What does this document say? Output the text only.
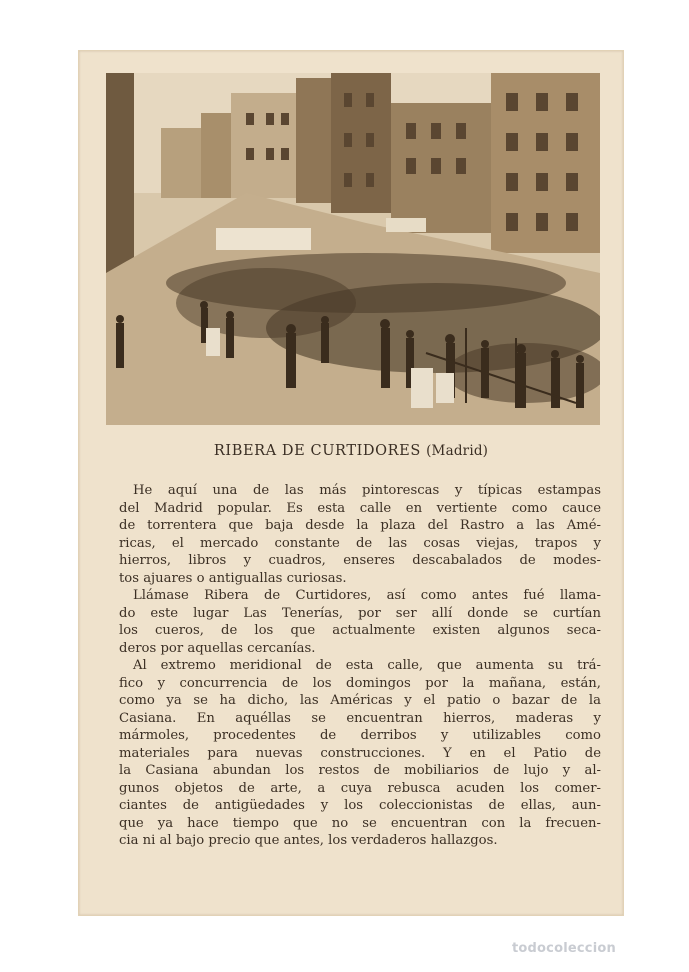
RIBERA DE CURTIDORES (Madrid)
He aquí una de las más pintorescas y típicas estampas
del Madrid popular. Es esta calle en vertiente como cauce
de torrentera que baja desde la plaza del Rastro a las Amé-
ricas, el mercado constante de las cosas viejas, trapos y
hierros, libros y cuadros, enseres descabalados de modes-
tos ajuares o antiguallas curiosas.
Llámase Ribera de Curtidores, así como antes fué llama-
do este lugar Las Tenerías, por ser allí donde se curtían
los cueros, de los que actualmente existen algunos seca-
deros por aquellas cercanías.
Al extremo meridional de esta calle, que aumenta su trá-
fico y concurrencia de los domingos por la mañana, están,
como ya se ha dicho, las Américas y el patio o bazar de la
Casiana. En aquéllas se encuentran hierros, maderas y
mármoles, procedentes de derribos y utilizables como
materiales para nuevas construcciones. Y en el Patio de
la Casiana abundan los restos de mobiliarios de lujo y al-
gunos objetos de arte, a cuya rebusca acuden los comer-
ciantes de antigüedades y los coleccionistas de ellas, aun-
que ya hace tiempo que no se encuentran con la frecuen-
cia ni al bajo precio que antes, los verdaderos hallazgos.
todocoleccion
